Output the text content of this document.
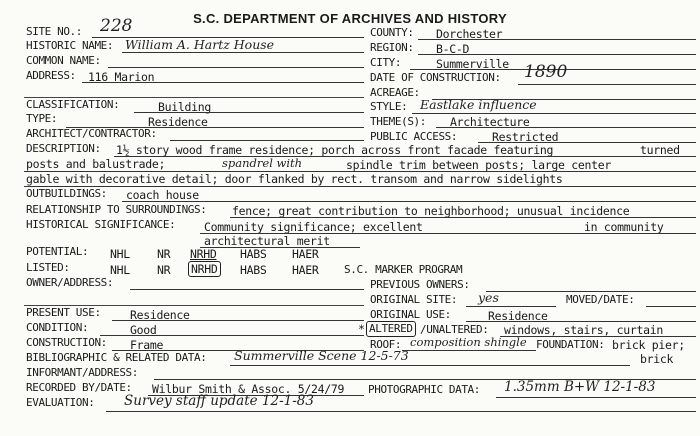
S.C. DEPARTMENT OF ARCHIVES AND HISTORY
SITE NO.: 228	COUNTY: Dorchester
HISTORIC NAME: William A. Hartz House	REGION: B-C-D
COMMON NAME:	CITY:	Summerville
ADDRESS: 116 Marion	DATE OF CONSTRUCTION: 1890
ACREAGE:
CLASSIFICATION:	Building	STYLE: Eastlake influence
TYPE:	Residence	THEME(S): Architecture
ARCHITECT/CONTRACTOR:	PUBLIC ACCESS:	Restricted
DESCRIPTION: 1½ story wood frame residence; porch across front facade featuring	turned
posts and balustrade;	spandrel with	spindle trim between posts; large center
gable with decorative detail; door flanked by rect. transom and narrow sidelights
OUTBUILDINGS: coach house
RELATIONSHIP TO SURROUNDINGS: fence; great contribution to neighborhood; unusual incidence
HISTORICAL SIGNIFICANCE: Community significance; excellent	in community
architectural merit
POTENTIAL: NHL NR NRHD HABS HAER
LISTED:	NHL NR NRHD HABS HAER S.C. MARKER PROGRAM
OWNER/ADDRESS:	PREVIOUS OWNERS:
ORIGINAL SITE: yes	MOVED/DATE:
PRESENT USE:	Residence	ORIGINAL USE:	Residence
CONDITION:	Good	* ALTERED /UNALTERED: windows, stairs, curtain
CONSTRUCTION: Frame	ROOF: composition shingle FOUNDATION: brick pier;
brick
BIBLIOGRAPHIC & RELATED DATA: Summerville Scene 12-5-73
INFORMANT/ADDRESS:
RECORDED BY/DATE: Wilbur Smith & Assoc. 5/24/79 PHOTOGRAPHIC DATA: 1.35mm B+W 12-1-83
EVALUATION: Survey staff update 12-1-83
